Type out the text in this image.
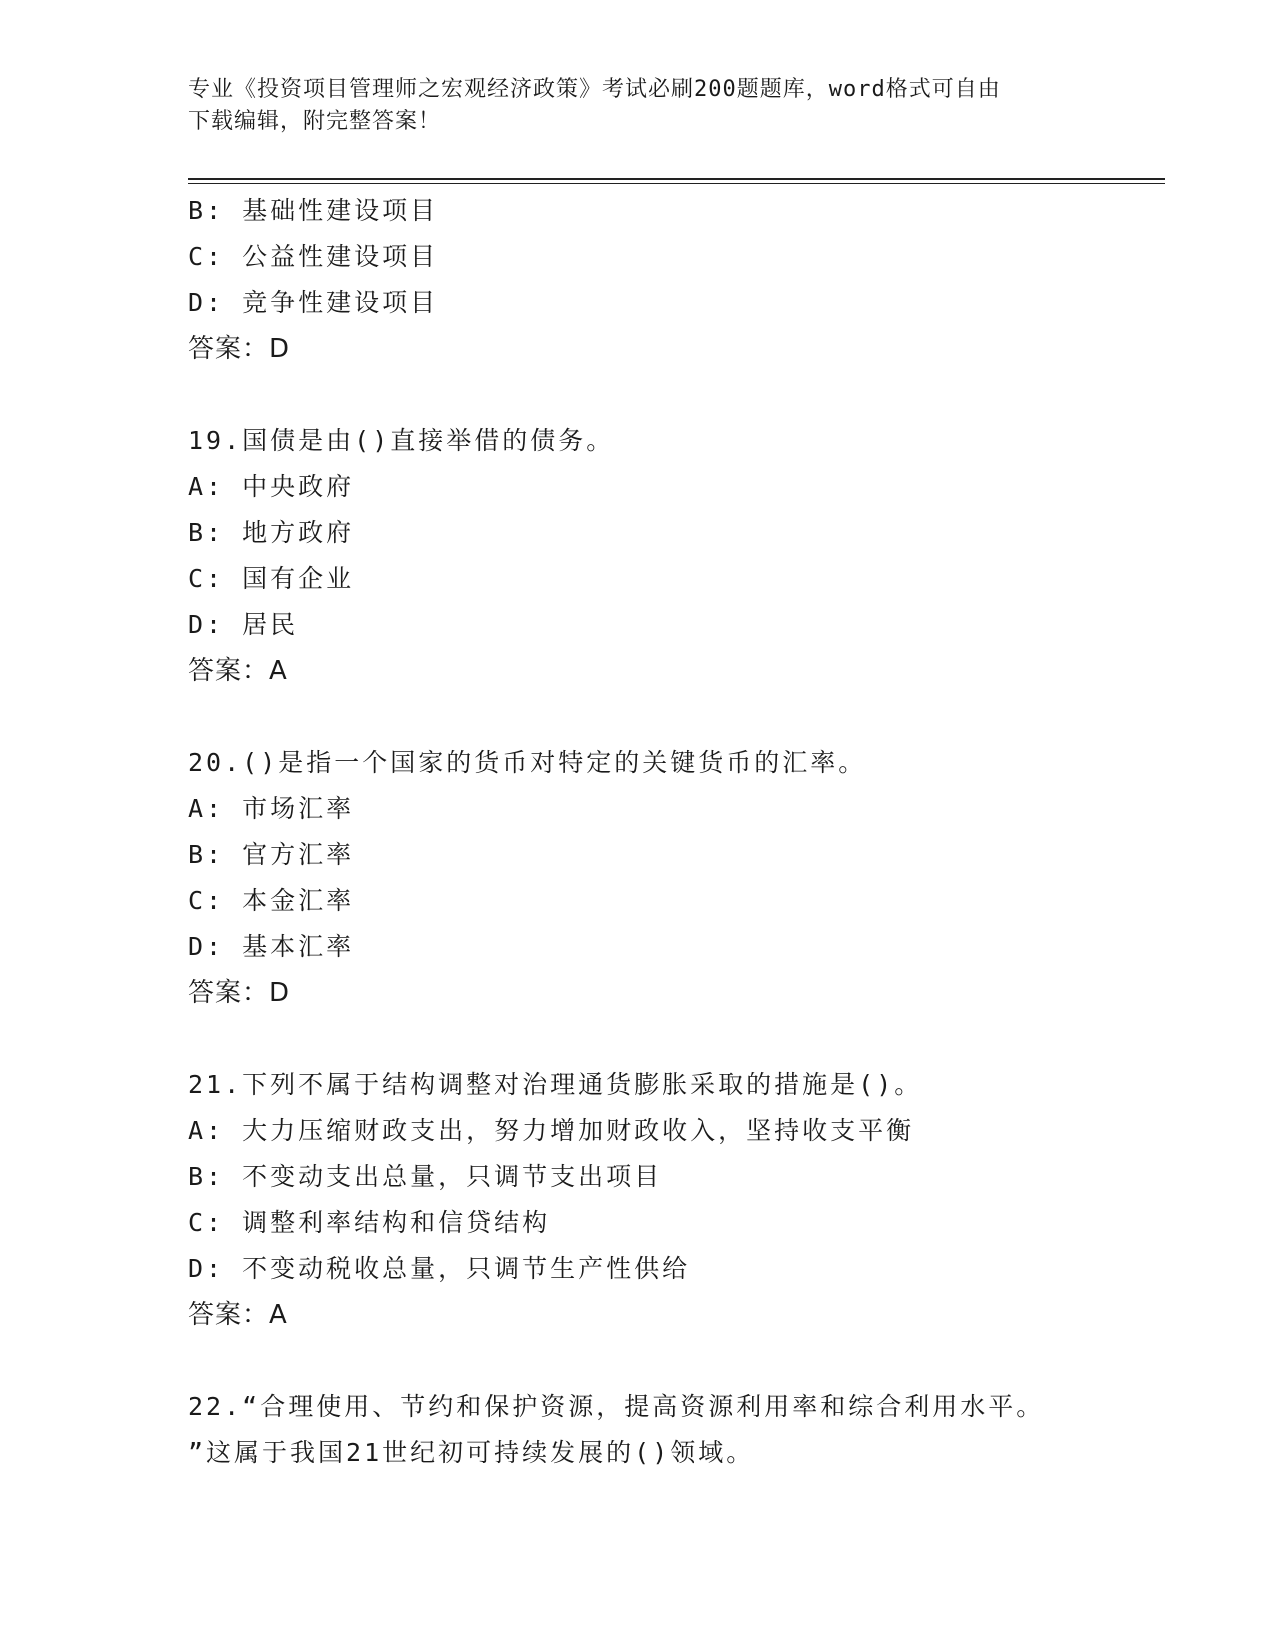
专业《投资项目管理师之宏观经济政策》考试必刷200题题库，word格式可自由
下载编辑，附完整答案！
B: 基础性建设项目
C: 公益性建设项目
D: 竞争性建设项目
答案：D
19.国债是由()直接举借的债务。
A: 中央政府
B: 地方政府
C: 国有企业
D: 居民
答案：A
20.()是指一个国家的货币对特定的关键货币的汇率。
A: 市场汇率
B: 官方汇率
C: 本金汇率
D: 基本汇率
答案：D
21.下列不属于结构调整对治理通货膨胀采取的措施是()。
A: 大力压缩财政支出，努力增加财政收入，坚持收支平衡
B: 不变动支出总量，只调节支出项目
C: 调整利率结构和信贷结构
D: 不变动税收总量，只调节生产性供给
答案：A
22.“合理使用、节约和保护资源，提高资源利用率和综合利用水平。
”这属于我国21世纪初可持续发展的()领域。
